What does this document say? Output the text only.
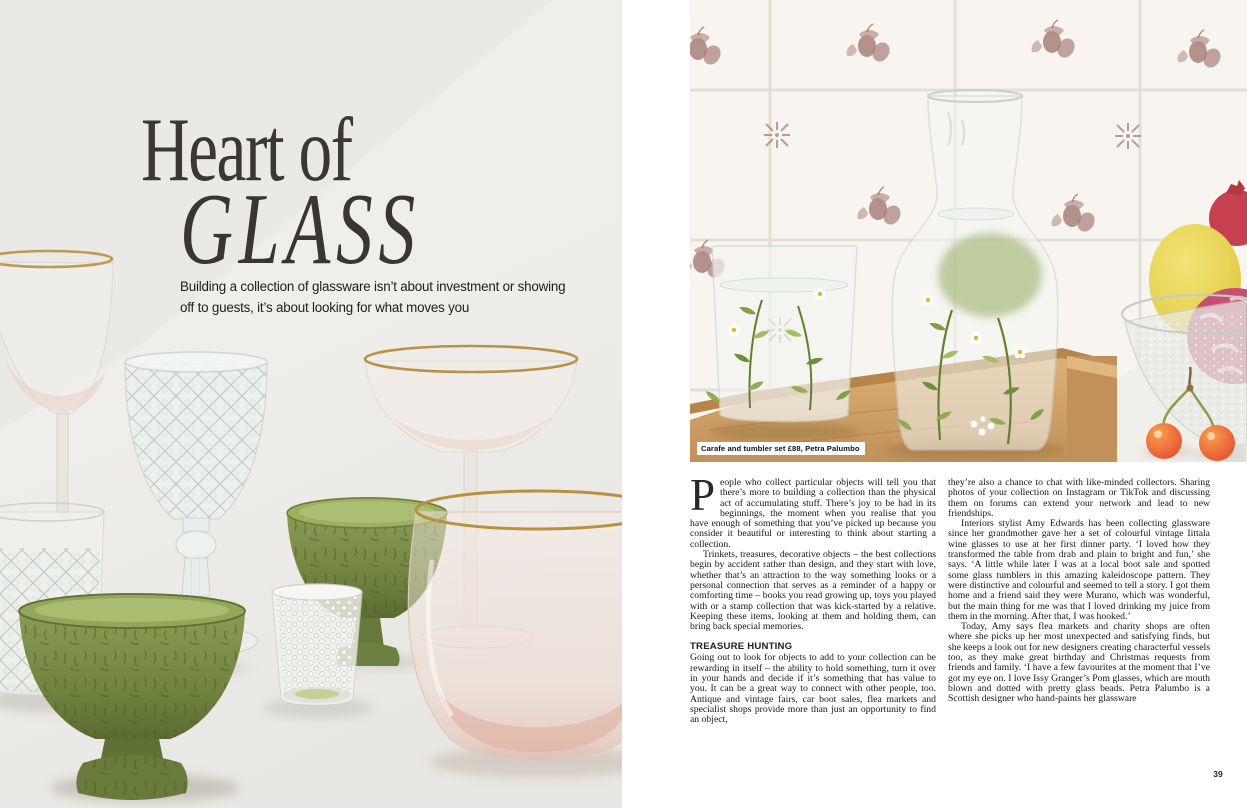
Heart of
GLASS
Building a collection of glassware isn’t about investment or showing
off to guests, it’s about looking for what moves you
Carafe and tumbler set £88, Petra Palumbo

People who collect particular objects will tell you that there’s more to building a collection than the physical act of accumulating stuff. There’s joy to be had in its beginnings, the moment when you realise that you have enough of something that you’ve picked up because you consider it beautiful or interesting to think about starting a collection.

Trinkets, treasures, decorative objects – the best collections begin by accident rather than design, and they start with love, whether that’s an attraction to the way something looks or a personal connection that serves as a reminder of a happy or comforting time – books you read growing up, toys you played with or a stamp collection that was kick-started by a relative. Keeping these items, looking at them and holding them, can bring back special memories.

TREASURE HUNTING

Going out to look for objects to add to your collection can be rewarding in itself – the ability to hold something, turn it over in your hands and decide if it’s something that has value to you. It can be a great way to connect with other people, too. Antique and vintage fairs, car boot sales, flea markets and specialist shops provide more than just an opportunity to find an object,

they’re also a chance to chat with like-minded collectors. Sharing photos of your collection on Instagram or TikTok and discussing them on forums can extend your network and lead to new friendships.

Interiors stylist Amy Edwards has been collecting glassware since her grandmother gave her a set of colourful vintage Iittala wine glasses to use at her first dinner party. ‘I loved how they transformed the table from drab and plain to bright and fun,’ she says. ‘A little while later I was at a local boot sale and spotted some glass tumblers in this amazing kaleidoscope pattern. They were distinctive and colourful and seemed to tell a story. I got them home and a friend said they were Murano, which was wonderful, but the main thing for me was that I loved drinking my juice from them in the morning. After that, I was hooked.’

Today, Amy says flea markets and charity shops are often where she picks up her most unexpected and satisfying finds, but she keeps a look out for new designers creating characterful vessels too, as they make great birthday and Christmas requests from friends and family. ‘I have a few favourites at the moment that I’ve got my eye on. I love Issy Granger’s Pom glasses, which are mouth blown and dotted with pretty glass beads. Petra Palumbo is a Scottish designer who hand-paints her glassware

39
